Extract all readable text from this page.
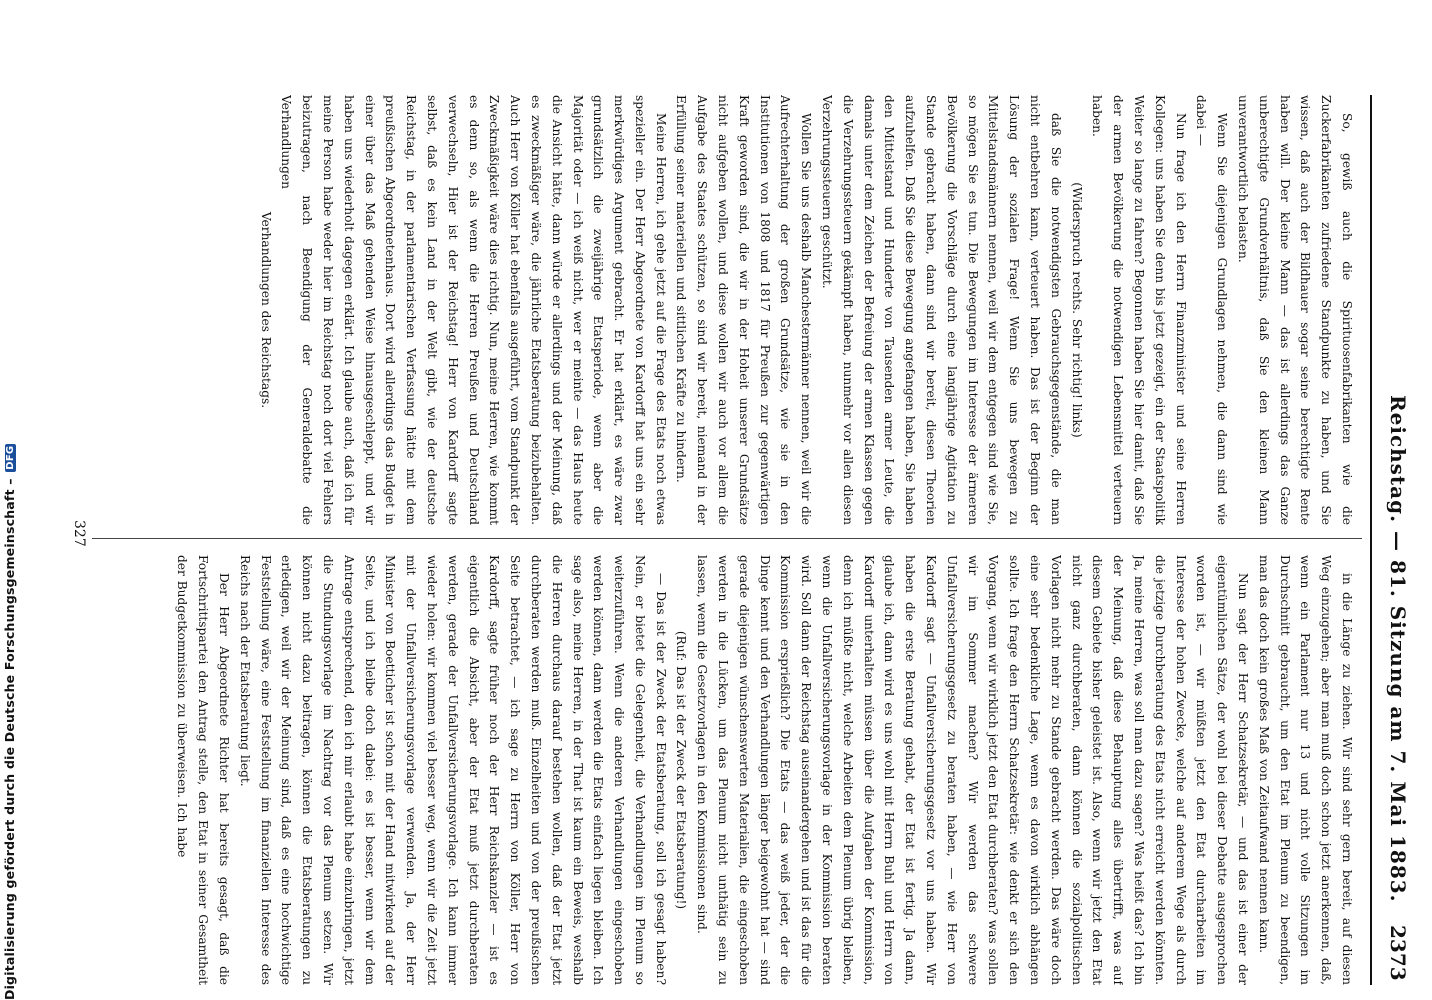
Digitalisierung gefördert durch die Deutsche Forschungsgemeinschaft – DFG	Reichstag. — 81. Sitzung am 7. Mai 1883.
2373

So, gewiß auch die Spirituosenfabrikanten wie die Zuckerfabrikanten zufriedene Standpunkte zu haben, und Sie wissen, daß auch der Bildhauer sogar seine berechtigte Rente haben will. Der kleine Mann — das ist allerdings das Ganze unberechtigte Grundverhältnis, daß Sie den kleinen Mann unverantwortlich belasten.

Wenn Sie diejenigen Grundlagen nehmen, die dann sind wie dabei —

Nun frage ich den Herrn Finanzminister und seine Herren Kollegen: uns haben Sie denn bis jetzt gezeigt, ein der Staatspolitik Weiter so lange zu fahren? Begonnen haben Sie hier damit, daß Sie der armen Bevölkerung die notwendigen Lebensmittel verteuern haben.

(Widerspruch rechts. Sehr richtig! links)

daß Sie die notwendigsten Gebrauchsgegenstände, die man nicht entbehren kann, verteuert haben. Das ist der Beginn der Lösung der sozialen Frage! Wenn Sie uns bewegen zu Mittelstandsmännern nennen, weil wir dem entgegen sind wie Sie, so mögen Sie es tun. Die Bewegungen im Interesse der ärmeren Bevölkerung die Vorschläge durch eine langjährige Agitation zu Stande gebracht haben, dann sind wir bereit, diesen Theorien aufzuhelfen. Daß Sie diese Bewegung angefangen haben, Sie haben den Mittelstand und Hunderte von Tausenden armer Leute, die damals unter dem Zeichen der Befreiung der armen Klassen gegen die Verzehrungssteuern gekämpft haben, nunmehr vor allen diesen Verzehrungssteuern geschützt.

Wollen Sie uns deshalb Manchestermänner nennen, weil wir die Aufrechterhaltung der großen Grundsätze, wie sie in den Institutionen von 1808 und 1817 für Preußen zur gegenwärtigen Kraft geworden sind, die wir in der Hoheit unserer Grundsätze nicht aufgeben wollen, und diese wollen wir auch vor allem die Aufgabe des Staates schützen, so sind wir bereit, niemand in der Erfüllung seiner materiellen und sittlichen Kräfte zu hindern.

Meine Herren, ich gehe jetzt auf die Frage des Etats noch etwas spezieller ein. Der Herr Abgeordnete von Kardorff hat uns ein sehr merkwürdiges Argument gebracht. Er hat erklärt, es wäre zwar grundsätzlich die zweijährige Etatsperiode, wenn aber die Majorität oder — ich weiß nicht, wer er meinte — das Haus heute die Ansicht hätte, dann würde er allerdings und der Meinung, daß es zweckmäßiger wäre, die jährliche Etatsberatung beizubehalten. Auch Herr von Köller hat ebenfalls ausgeführt, vom Standpunkt der Zweckmäßigkeit wäre dies richtig. Nun, meine Herren, wie kommt es denn so, als wenn die Herren Preußen und Deutschland verwechseln, Hier ist der Reichstag! Herr von Kardorff sagte selbst, daß es kein Land in der Welt gibt, wie der deutsche Reichstag, in der parlamentarischen Verfassung hätte mit dem preußischen Abgeordnetenhaus. Dort wird allerdings das Budget in einer über das Maß gehenden Weise hinausgeschleppt, und wir haben uns wiederholt dagegen erklärt. Ich glaube auch, daß ich für meine Person habe weder hier im Reichstag noch dort viel Fehlers beizutragen, nach Beendigung der Generaldebatte die Verhandlungen

Verhandlungen des Reichstags.

in die Länge zu ziehen. Wir sind sehr gern bereit, auf diesen Weg einzugehen; aber man muß doch schon jetzt anerkennen, daß, wenn ein Parlament nur 13 und nicht volle Sitzungen im Durchschnitt gebraucht, um den Etat im Plenum zu beendigen, man das doch kein großes Maß von Zeitaufwand nennen kann.

Nun sagt der Herr Schatzsekretär, — und das ist einer der eigentümlichen Sätze, der wohl bei dieser Debatte ausgesprochen worden ist, — wir müßten jetzt den Etat durcharbeiten im Interesse der hohen Zwecke, welche auf anderem Wege als durch die jetzige Durchberatung des Etats nicht erreicht werden könnten. Ja, meine Herren, was soll man dazu sagen? Was heißt das? Ich bin der Meinung, daß diese Behauptung alles übertrifft, was auf diesem Gebiete bisher geleistet ist. Also, wenn wir jetzt den Etat nicht ganz durchberaten, dann können die sozialpolitischen Vorlagen nicht mehr zu Stande gebracht werden. Das wäre doch eine sehr bedenkliche Lage, wenn es davon wirklich abhängen sollte. Ich frage den Herrn Schatzsekretär: wie denkt er sich den Vorgang, wenn wir wirklich jetzt den Etat durchberaten? was sollen wir im Sommer machen? Wir werden das schwere Unfallversicherungsgesetz zu beraten haben, — wie Herr von Kardorff sagt — Unfallversicherungsgesetz vor uns haben. Wir haben die erste Beratung gehabt, der Etat ist fertig. Ja dann, glaube ich, dann wird es uns wohl mit Herrn Buhl und Herrn von Kardorff unterhalten müssen über die Aufgaben der Kommission, denn ich müßte nicht, welche Arbeiten dem Plenum übrig bleiben, wenn die Unfallversicherungsvorlage in der Kommission beraten wird. Soll dann der Reichstag auseinandergehen und ist das für die Kommission ersprießlich? Die Etats — das weiß jeder, der die Dinge kennt und den Verhandlungen länger beigewohnt hat — sind gerade diejenigen wünschenswerten Materialien, die eingeschoben werden in die Lücken, um das Plenum nicht unthätig sein zu lassen, wenn die Gesetzvorlagen in den Kommissionen sind.

(Ruf: Das ist der Zweck der Etatsberatung!)

— Das ist der Zweck der Etatsberatung, soll ich gesagt haben? Nein, er bietet die Gelegenheit, die Verhandlungen im Plenum so weiterzuführen. Wenn die anderen Verhandlungen eingeschoben werden können, dann werden die Etats einfach liegen bleiben. Ich sage also, meine Herren, in der That ist kaum ein Beweis, weshalb die Herren durchaus darauf bestehen wollen, daß der Etat jetzt durchberaten werden muß. Einzelheiten und von der preußischen Seite betrachtet, — ich sage zu Herrn von Köller, Herr von Kardorff, sagte früher noch der Herr Reichskanzler — ist es eigentlich die Absicht, aber der Etat muß jetzt durchberaten werden, gerade der Unfallversicherungsvorlage. Ich kann immer wieder holen: wir kommen viel besser weg, wenn wir die Zeit jetzt mit der Unfallversicherungsvorlage verwenden. Ja, der Herr Minister von Boetticher ist schon mit der Hand mitwirkend auf der Seite, und ich bleibe doch dabei: es ist besser, wenn wir dem Antrage entsprechend, den ich mir erlaubt habe einzubringen, jetzt die Stundungsvorlage im Nachtrag vor das Plenum setzen. Wir können nicht dazu beitragen, können die Etatsberatungen zu erledigen, weil wir der Meinung sind, daß es eine hochwichtige Feststellung wäre, eine Feststellung im finanziellen Interesse des Reichs nach der Etatsberatung liegt.

Der Herr Abgeordnete Richter hat bereits gesagt, daß die Fortschrittspartei den Antrag stelle, den Etat in seiner Gesamtheit der Budgetkommission zu überweisen. Ich habe

327
